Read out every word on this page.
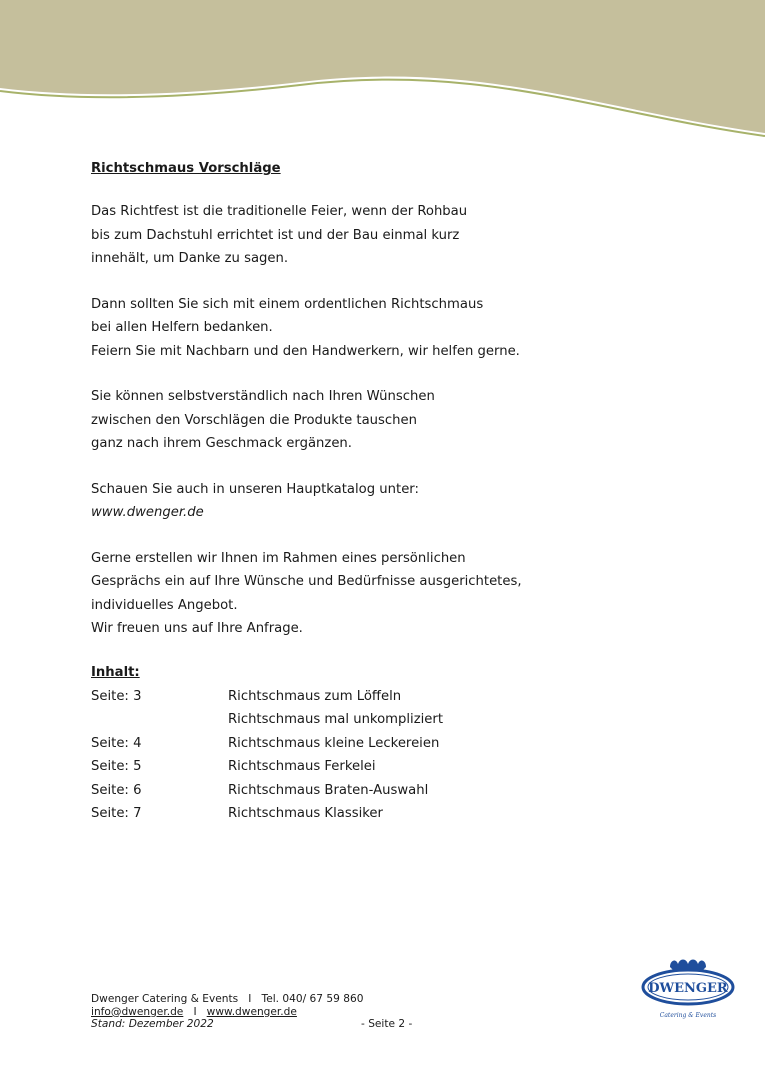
Richtschmaus Vorschläge
Das Richtfest ist die traditionelle Feier, wenn der Rohbau
bis zum Dachstuhl errichtet ist und der Bau einmal kurz
innehält, um Danke zu sagen.
Dann sollten Sie sich mit einem ordentlichen Richtschmaus
bei allen Helfern bedanken.
Feiern Sie mit Nachbarn und den Handwerkern, wir helfen gerne.
Sie können selbstverständlich nach Ihren Wünschen
zwischen den Vorschlägen die Produkte tauschen
ganz nach ihrem Geschmack ergänzen.
Schauen Sie auch in unseren Hauptkatalog unter:
www.dwenger.de
Gerne erstellen wir Ihnen im Rahmen eines persönlichen
Gesprächs ein auf Ihre Wünsche und Bedürfnisse ausgerichtetes,
individuelles Angebot.
Wir freuen uns auf Ihre Anfrage.
Inhalt:
Seite: 3	Richtschmaus zum Löffeln
Richtschmaus mal unkompliziert
Seite: 4	Richtschmaus kleine Leckereien
Seite: 5	Richtschmaus Ferkelei
Seite: 6	Richtschmaus Braten-Auswahl
Seite: 7	Richtschmaus Klassiker
Dwenger Catering & Events I Tel. 040/ 67 59 860
info@dwenger.de I www.dwenger.de
Stand: Dezember 2022	- Seite 2 -
DWENGER
Catering & Events
